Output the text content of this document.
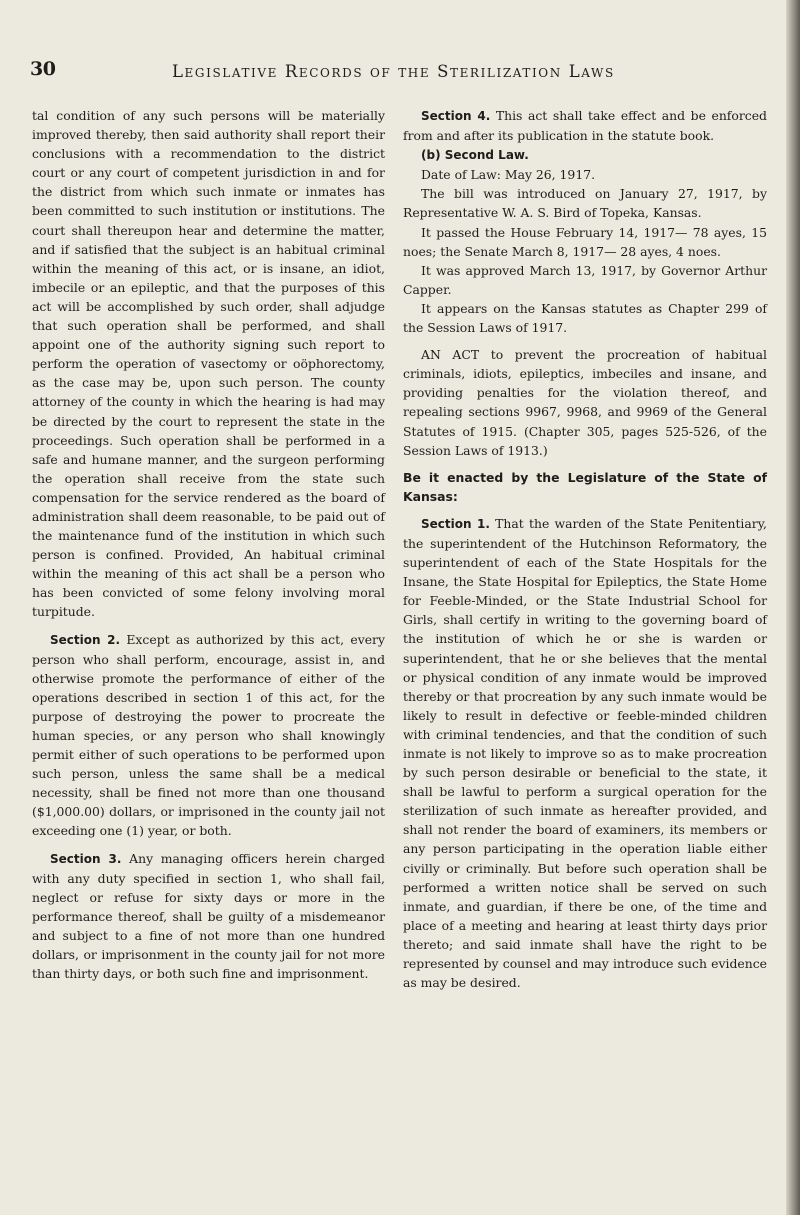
30	Legislative Records of the Sterilization Laws

tal condition of any such persons will be materially improved thereby, then said authority shall report their conclusions with a recommendation to the district court or any court of competent jurisdiction in and for the district from which such inmate or inmates has been committed to such institution or institutions. The court shall thereupon hear and determine the matter, and if satisfied that the subject is an habitual criminal within the meaning of this act, or is insane, an idiot, imbecile or an epileptic, and that the purposes of this act will be accomplished by such order, shall adjudge that such operation shall be performed, and shall appoint one of the authority signing such report to perform the operation of vasectomy or oöphorectomy, as the case may be, upon such person. The county attorney of the county in which the hearing is had may be directed by the court to represent the state in the proceedings. Such operation shall be performed in a safe and humane manner, and the surgeon performing the operation shall receive from the state such compensation for the service rendered as the board of administration shall deem reasonable, to be paid out of the maintenance fund of the institution in which such person is confined. Provided, An habitual criminal within the meaning of this act shall be a person who has been convicted of some felony involving moral turpitude.

Section 2. Except as authorized by this act, every person who shall perform, encourage, assist in, and otherwise promote the performance of either of the operations described in section 1 of this act, for the purpose of destroying the power to procreate the human species, or any person who shall knowingly permit either of such operations to be performed upon such person, unless the same shall be a medical necessity, shall be fined not more than one thousand ($1,000.00) dollars, or imprisoned in the county jail not exceeding one (1) year, or both.

Section 3. Any managing officers herein charged with any duty specified in section 1, who shall fail, neglect or refuse for sixty days or more in the performance thereof, shall be guilty of a misdemeanor and subject to a fine of not more than one hundred dollars, or imprisonment in the county jail for not more than thirty days, or both such fine and imprisonment.

Section 4. This act shall take effect and be enforced from and after its publication in the statute book.

(b) Second Law.

Date of Law: May 26, 1917.

The bill was introduced on January 27, 1917, by Representative W. A. S. Bird of Topeka, Kansas.

It passed the House February 14, 1917— 78 ayes, 15 noes; the Senate March 8, 1917— 28 ayes, 4 noes.

It was approved March 13, 1917, by Governor Arthur Capper.

It appears on the Kansas statutes as Chapter 299 of the Session Laws of 1917.

AN ACT to prevent the procreation of habitual criminals, idiots, epileptics, imbeciles and insane, and providing penalties for the violation thereof, and repealing sections 9967, 9968, and 9969 of the General Statutes of 1915. (Chapter 305, pages 525-526, of the Session Laws of 1913.)

Be it enacted by the Legislature of the State of Kansas:

Section 1. That the warden of the State Penitentiary, the superintendent of the Hutchinson Reformatory, the superintendent of each of the State Hospitals for the Insane, the State Hospital for Epileptics, the State Home for Feeble-Minded, or the State Industrial School for Girls, shall certify in writing to the governing board of the institution of which he or she is warden or superintendent, that he or she believes that the mental or physical condition of any inmate would be improved thereby or that procreation by any such inmate would be likely to result in defective or feeble-minded children with criminal tendencies, and that the condition of such inmate is not likely to improve so as to make procreation by such person desirable or beneficial to the state, it shall be lawful to perform a surgical operation for the sterilization of such inmate as hereafter provided, and shall not render the board of examiners, its members or any person participating in the operation liable either civilly or criminally. But before such operation shall be performed a written notice shall be served on such inmate, and guardian, if there be one, of the time and place of a meeting and hearing at least thirty days prior thereto; and said inmate shall have the right to be represented by counsel and may introduce such evidence as may be desired.
